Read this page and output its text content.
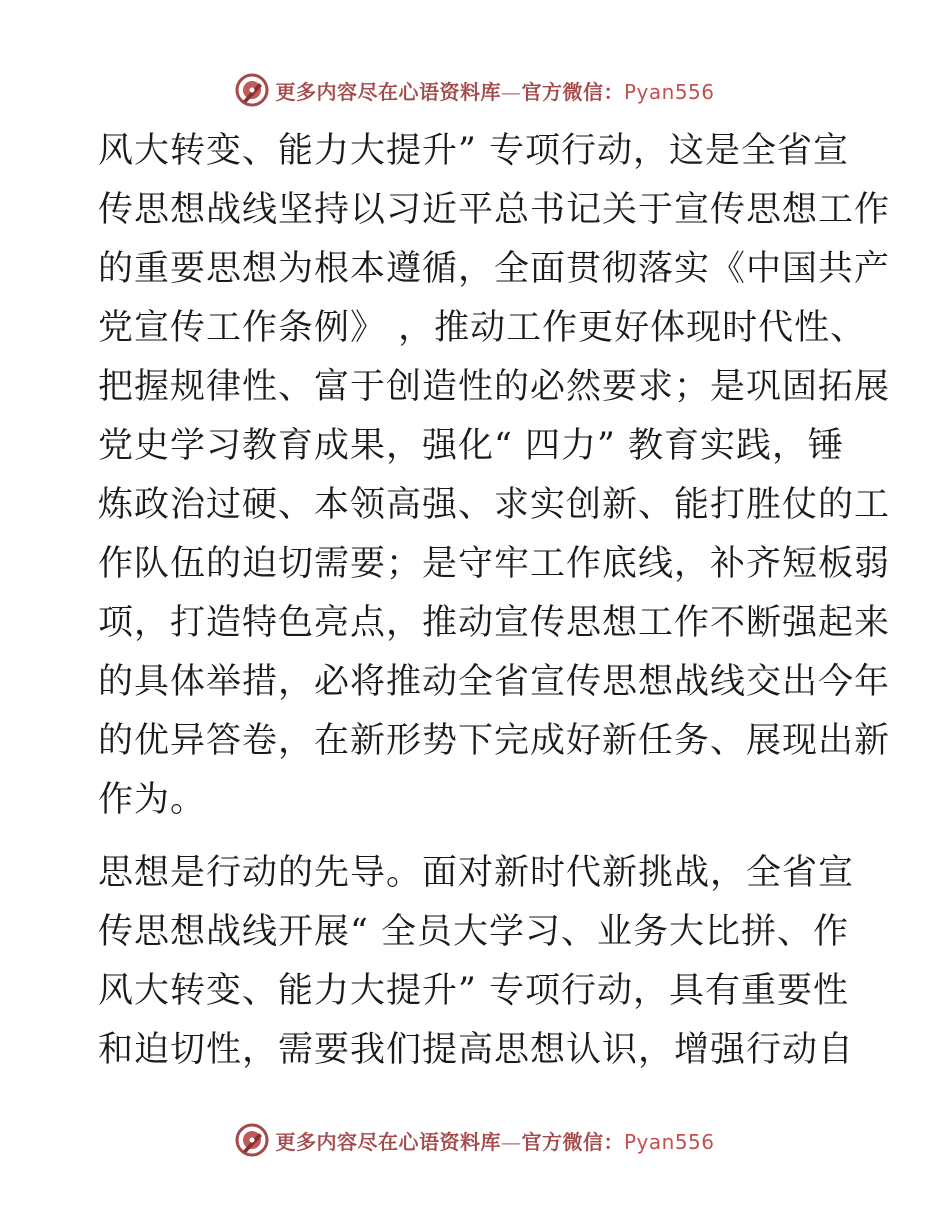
更多内容尽在心语资料库—官方微信：Pyan556

风大转变、能力大提升” 专项行动，这是全省宣
传思想战线坚持以习近平总书记关于宣传思想工作
的重要思想为根本遵循，全面贯彻落实《中国共产
党宣传工作条例》 ，推动工作更好体现时代性、
把握规律性、富于创造性的必然要求；是巩固拓展
党史学习教育成果，强化“ 四力” 教育实践，锤
炼政治过硬、本领高强、求实创新、能打胜仗的工
作队伍的迫切需要；是守牢工作底线，补齐短板弱
项，打造特色亮点，推动宣传思想工作不断强起来
的具体举措，必将推动全省宣传思想战线交出今年
的优异答卷，在新形势下完成好新任务、展现出新
作为。

思想是行动的先导。面对新时代新挑战，全省宣
传思想战线开展“ 全员大学习、业务大比拼、作
风大转变、能力大提升” 专项行动，具有重要性
和迫切性，需要我们提高思想认识，增强行动自

更多内容尽在心语资料库—官方微信：Pyan556
